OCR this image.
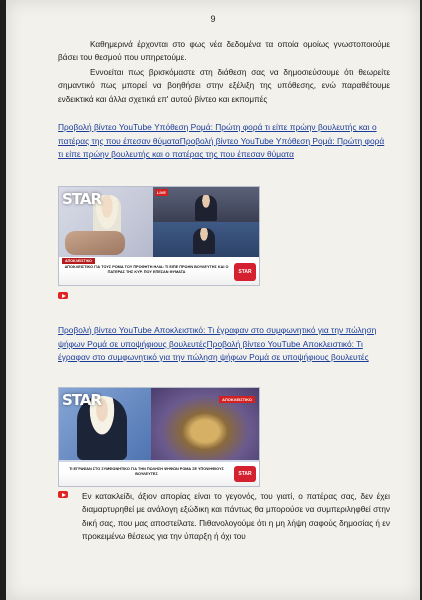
9

Καθημερινά έρχονται στο φως νέα δεδομένα τα οποία ομοίως γνωστοποιούμε βάσει του θεσμού που υπηρετούμε.

Εννοείται πως βρισκόμαστε στη διάθεση σας να δημοσιεύσουμε ότι θεωρείτε σημαντικό πως μπορεί να βοηθήσει στην εξέλιξη της υπόθεσης, ενώ παραθέτουμε ενδεικτικά και άλλα σχετικά επ' αυτού βίντεο και εκπομπές

Προβολή βίντεο YouTube Υπόθεση Ρομά: Πρώτη φορά τι είπε πρώην βουλευτής και ο πατέρας της που έπεσαν θύματαΠροβολή βίντεο YouTube Υπόθεση Ρομά: Πρώτη φορά τι είπε πρώην βουλευτής και ο πατέρας της που έπεσαν θύματα

STAR	LIVE
ΑΠΟΚΛΕΙΣΤΙΚΟ
ΑΠΟΚΛΕΙΣΤΙΚΟ ΓΙΑ ΤΟΥΣ ΡΟΜΑ ΤΟΥ ΠΡΟΦΗΤΗ ΗΛΙΑ: ΤΙ ΕΙΠΕ ΠΡΩΗΝ ΒΟΥΛΕΥΤΗΣ ΚΑΙ Ο ΠΑΤΕΡΑΣ ΤΗΣ ΚΥΡ. ΠΟΥ ΕΠΕΣΑΝ ΘΥΜΑΤΑ	STAR

Προβολή βίντεο YouTube Αποκλειστικό: Τι έγραφαν στο συμφωνητικό για την πώληση ψήφων Ρομά σε υποψήφιους βουλευτέςΠροβολή βίντεο YouTube Αποκλειστικό: Τι έγραφαν στο συμφωνητικό για την πώληση ψήφων Ρομά σε υποψήφιους βουλευτές

ΑΠΟΚΛΕΙΣΤΙΚΟ
STAR
ΤΙ ΕΓΡΑΦΑΝ ΣΤΟ ΣΥΜΦΩΝΗΤΙΚΟ ΓΙΑ ΤΗΝ ΠΩΛΗΣΗ ΨΗΦΩΝ ΡΟΜΑ ΣΕ ΥΠΟΨΗΦΙΟΥΣ ΒΟΥΛΕΥΤΕΣ	STAR

Εν κατακλείδι, άξιον απορίας είναι το γεγονός, του γιατί, ο πατέρας σας, δεν έχει διαμαρτυρηθεί με ανάλογη εξώδικη και πάντως θα μπορούσε να συμπεριληφθεί στην δική σας, που μας αποστείλατε. Πιθανολογούμε ότι η μη λήψη σαφούς δημοσίας ή εν προκειμένω θέσεως για την ύπαρξη ή όχι του
